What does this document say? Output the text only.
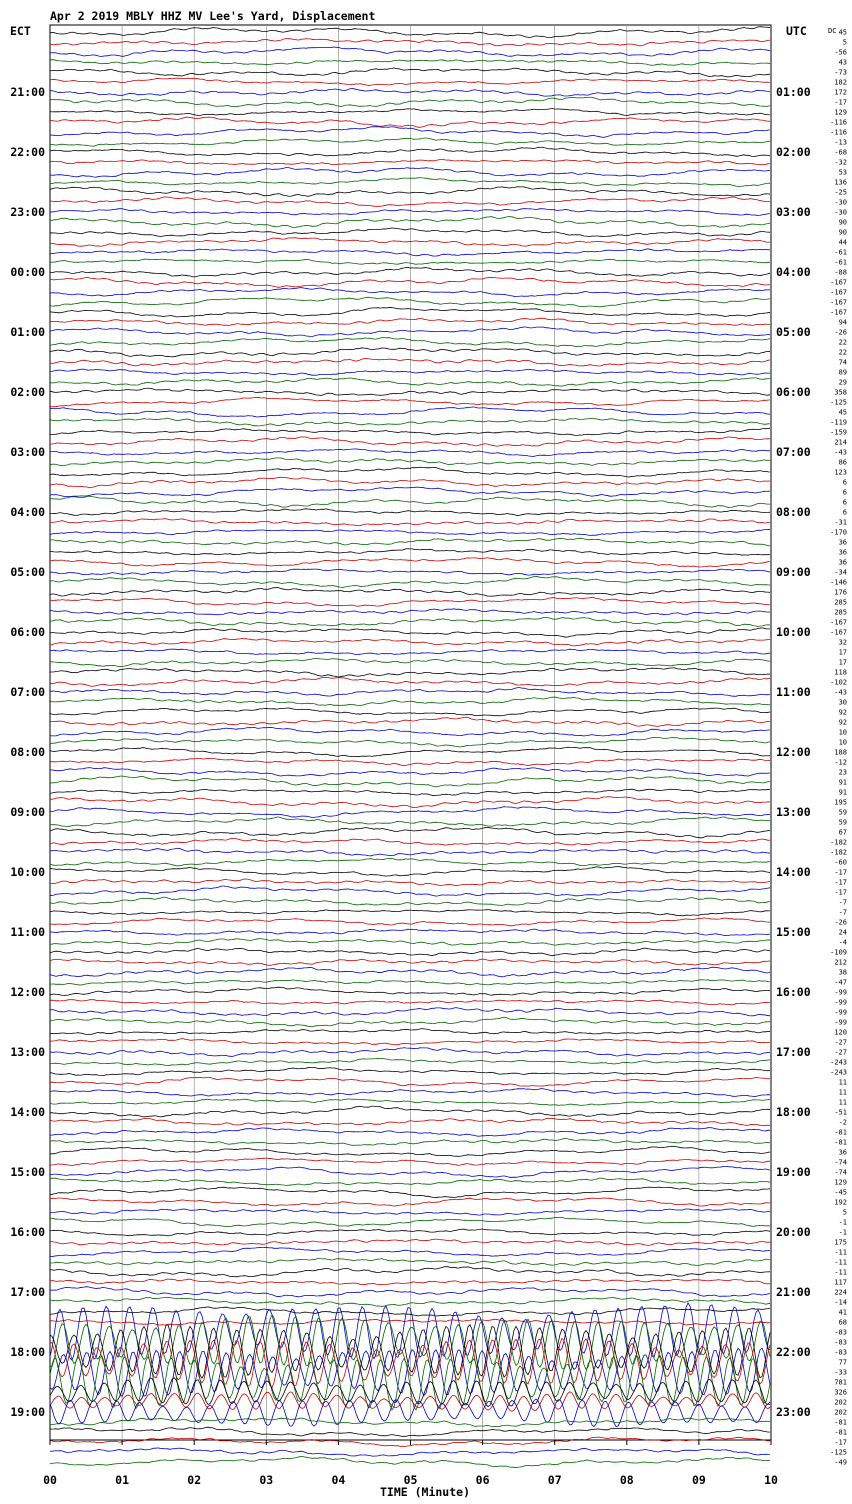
Apr 2 2019 MBLY HHZ MV Lee's Yard, Displacement
ECT	UTC	DC
21:00
22:00
23:00
00:00
01:00
02:00
03:00
04:00
05:00
06:00
07:00
08:00
09:00
10:00
11:00
12:00
13:00
14:00
15:00
16:00
17:00
18:00
19:00
01:00
02:00
03:00
04:00
05:00
06:00
07:00
08:00
09:00
10:00
11:00
12:00
13:00
14:00
15:00
16:00
17:00
18:00
19:00
20:00
21:00
22:00
23:00
45
5
-56
43
-73
182
172
-17
129
-116
-116
-13
-68
-32
53
136
-25
-30
-30
90
90
44
-61
-61
-88
-167
-167
-167
-167
94
-26
22
22
74
89
29
358
-125
45
-119
-159
214
-43
86
123
6
6
6
6
-31
-170
36
36
36
-34
-146
176
285
285
-167
-167
32
17
17
118
-102
-43
30
92
92
10
10
188
-12
23
91
91
195
59
59
67
-182
-182
-60
-17
-17
-17
-7
-7
-26
24
-4
-109
212
38
-47
-99
-99
-99
-99
120
-27
-27
-243
-243
11
11
11
-51
-2
-81
-81
36
-74
-74
129
-45
192
5
-1
-1
175
-11
-11
-11
117
224
-14
41
68
-83
-83
-83
77
-33
781
326
202
202
-81
-81
-17
-125
-49
00	01	02	03	04	05	06	07	08	09	10
TIME (Minute)
